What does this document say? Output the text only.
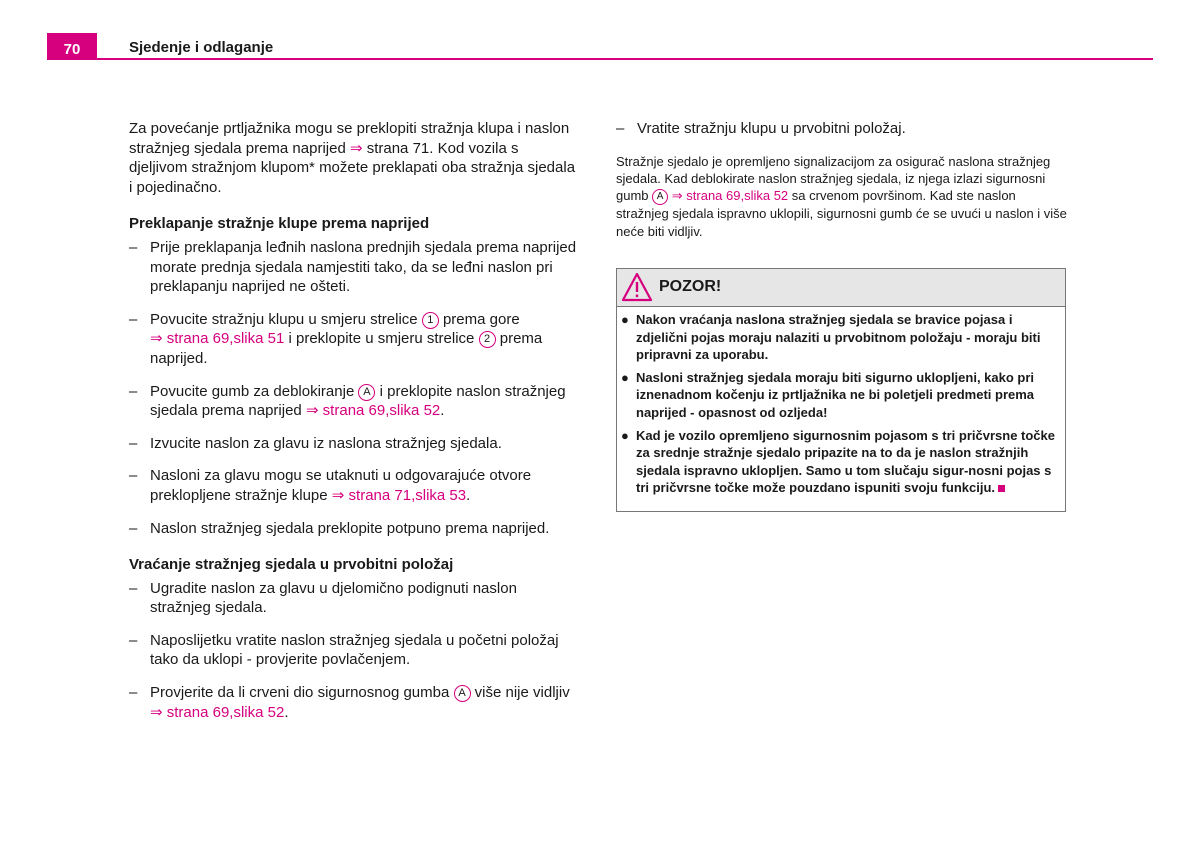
70	Sjedenje i odlaganje

Za povećanje prtljažnika mogu se preklopiti stražnja klupa i naslon stražnjeg sjedala prema naprijed ⇒ strana 71. Kod vozila s djeljivom stražnjom klupom* možete preklapati oba stražnja sjedala i pojedinačno.

Preklapanje stražnje klupe prema naprijed

– Prije preklapanja leđnih naslona prednjih sjedala prema naprijed morate prednja sjedala namjestiti tako, da se leđni naslon pri preklapanju naprijed ne ošteti.
– Povucite stražnju klupu u smjeru strelice 1 prema gore
⇒ strana 69,slika 51 i preklopite u smjeru strelice 2 prema naprijed.
– Povucite gumb za deblokiranje A i preklopite naslon stražnjeg sjedala prema naprijed ⇒ strana 69,slika 52.
– Izvucite naslon za glavu iz naslona stražnjeg sjedala.
– Nasloni za glavu mogu se utaknuti u odgovarajuće otvore preklopljene stražnje klupe ⇒ strana 71,slika 53.
– Naslon stražnjeg sjedala preklopite potpuno prema naprijed.

Vraćanje stražnjeg sjedala u prvobitni položaj

– Ugradite naslon za glavu u djelomično podignuti naslon stražnjeg sjedala.
– Naposlijetku vratite naslon stražnjeg sjedala u početni položaj tako da uklopi - provjerite povlačenjem.
– Provjerite da li crveni dio sigurnosnog gumba A više nije vidljiv ⇒ strana 69,slika 52.
– Vratite stražnju klupu u prvobitni položaj.

Stražnje sjedalo je opremljeno signalizacijom za osigurač naslona stražnjeg sjedala. Kad deblokirate naslon stražnjeg sjedala, iz njega izlazi sigurnosni gumb A ⇒ strana 69,slika 52 sa crvenom površinom. Kad ste naslon stražnjeg sjedala ispravno uklopili, sigurnosni gumb će se uvući u naslon i više neće biti vidljiv.

POZOR!
● Nakon vraćanja naslona stražnjeg sjedala se bravice pojasa i zdjelični pojas moraju nalaziti u prvobitnom položaju - moraju biti pripravni za uporabu.
● Nasloni stražnjeg sjedala moraju biti sigurno uklopljeni, kako pri iznenadnom kočenju iz prtljažnika ne bi poletjeli predmeti prema naprijed - opasnost od ozljeda!
● Kad je vozilo opremljeno sigurnosnim pojasom s tri pričvrsne točke za srednje stražnje sjedalo pripazite na to da je naslon stražnjih sjedala ispravno uklopljen. Samo u tom slučaju sigur-nosni pojas s tri pričvrsne točke može pouzdano ispuniti svoju funkciju.
